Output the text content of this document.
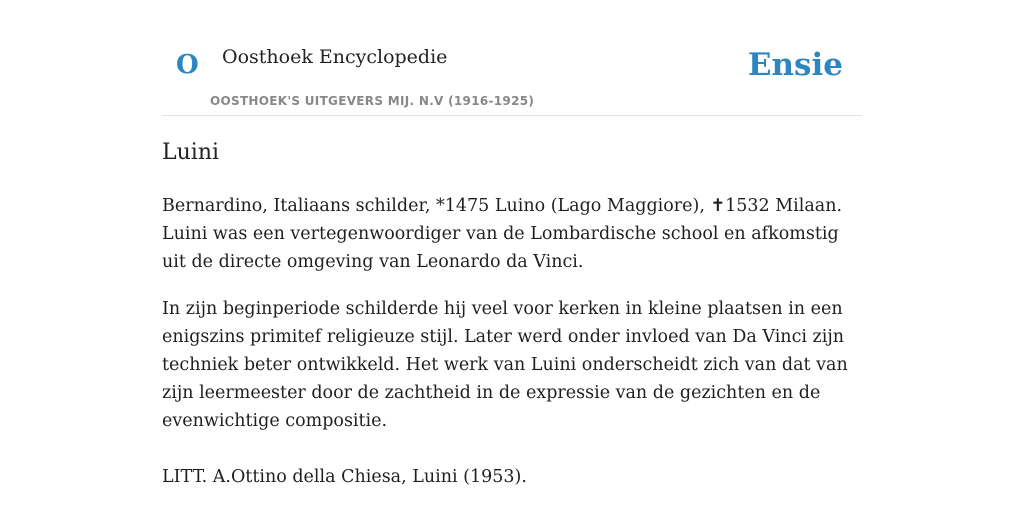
O Oosthoek Encyclopedie
OOSTHOEK'S UITGEVERS MIJ. N.V (1916-1925)
Ensie
Luini

Bernardino, Italiaans schilder, *1475 Luino (Lago Maggiore), ✝1532 Milaan. Luini was een vertegenwoordiger van de Lombardische school en afkomstig uit de directe omgeving van Leonardo da Vinci.

In zijn beginperiode schilderde hij veel voor kerken in kleine plaatsen in een enigszins primitef religieuze stijl. Later werd onder invloed van Da Vinci zijn techniek beter ontwikkeld. Het werk van Luini onderscheidt zich van dat van zijn leermeester door de zachtheid in de expressie van de gezichten en de evenwichtige compositie.

LITT. A.Ottino della Chiesa, Luini (1953).
